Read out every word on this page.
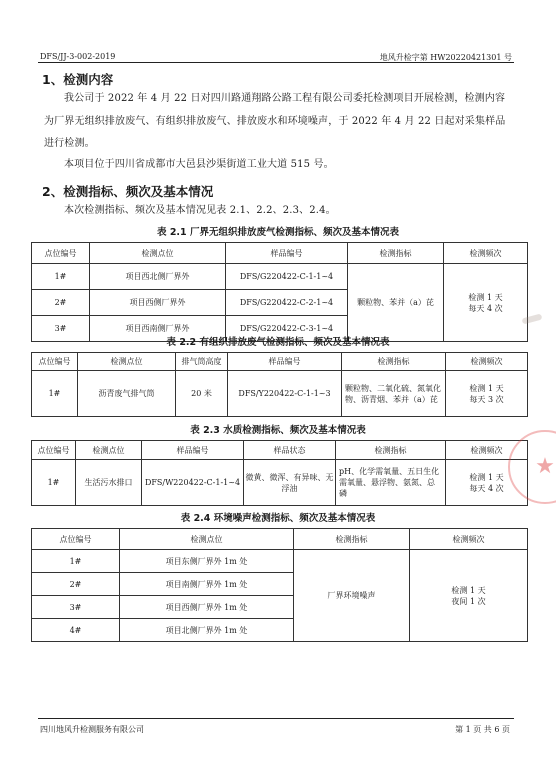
DFS/JJ-3-002-2019	地风升检字第 HW20220421301 号
1、检测内容
我公司于 2022 年 4 月 22 日对四川路通翔路公路工程有限公司委托检测项目开展检测，检测内容为厂界无组织排放废气、有组织排放废气、排放废水和环境噪声，于 2022 年 4 月 22 日起对采集样品进行检测。
本项目位于四川省成都市大邑县沙渠街道工业大道 515 号。
2、检测指标、频次及基本情况
本次检测指标、频次及基本情况见表 2.1、2.2、2.3、2.4。
表 2.1 厂界无组织排放废气检测指标、频次及基本情况表
点位编号	检测点位	样品编号	检测指标	检测频次
1#	项目西北侧厂界外	DFS/G220422-C-1-1~4	颗粒物、苯并（a）芘	检测 1 天
每天 4 次

2#	项目西侧厂界外	DFS/G220422-C-2-1~4		
3#	项目西南侧厂界外	DFS/G220422-C-3-1~4		
表 2.2 有组织排放废气检测指标、频次及基本情况表
点位编号	检测点位	排气筒高度	样品编号	检测指标	检测频次
1#	沥青废气排气筒	20 米	DFS/Y220422-C-1-1~3	颗粒物、二氧化硫、氮氧化物、沥青烟、苯并（a）芘	检测 1 天
每天 3 次
表 2.3 水质检测指标、频次及基本情况表
点位编号	检测点位	样品编号	样品状态	检测指标	检测频次
1#	生活污水排口	DFS/W220422-C-1-1~4	微黄、微浑、有异味、无浮油	pH、化学需氧量、五日生化需氧量、悬浮物、氨氮、总磷	检测 1 天
每天 4 次
表 2.4 环境噪声检测指标、频次及基本情况表
点位编号	检测点位	检测指标	检测频次
1#	项目东侧厂界外 1m 处	厂界环境噪声	检测 1 天
夜间 1 次

2#	项目南侧厂界外 1m 处		
3#	项目西侧厂界外 1m 处		
4#	项目北侧厂界外 1m 处		
★
四川地风升检测服务有限公司	第 1 页 共 6 页
